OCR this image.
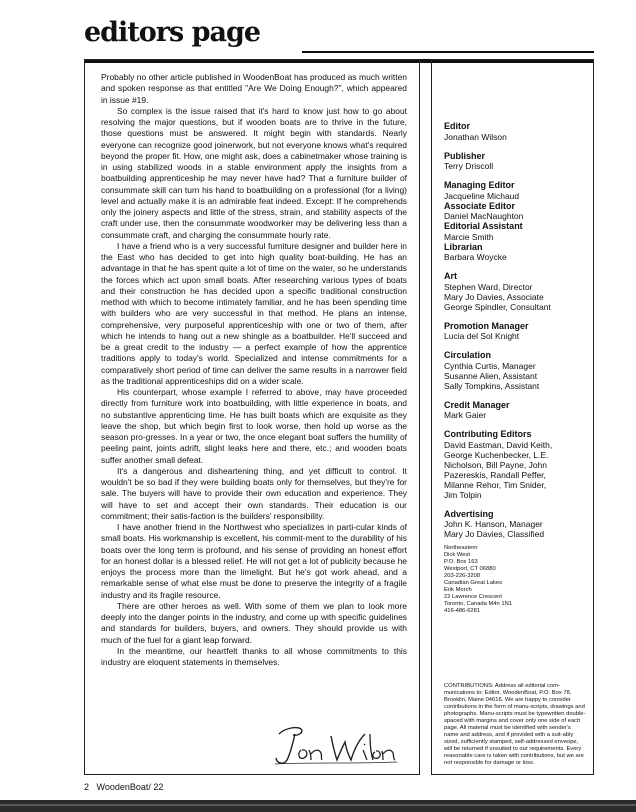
editors page

Probably no other article published in WoodenBoat has produced as much written and spoken response as that entitled "Are We Doing Enough?", which appeared in issue #19.

So complex is the issue raised that it's hard to know just how to go about resolving the major questions, but if wooden boats are to thrive in the future, those questions must be answered. It might begin with standards. Nearly everyone can recognize good joinerwork, but not everyone knows what's required beyond the proper fit. How, one might ask, does a cabinetmaker whose training is in using stabilized woods in a stable environment apply the insights from a boatbuilding apprenticeship he may never have had? That a furniture builder of consummate skill can turn his hand to boatbuilding on a professional (for a living) level and actually make it is an admirable feat indeed. Except: If he comprehends only the joinery aspects and little of the stress, strain, and stability aspects of the craft under use, then the consummate woodworker may be delivering less than a consummate craft, and charging the consummate hourly rate.

I have a friend who is a very successful furniture designer and builder here in the East who has decided to get into high quality boat-building. He has an advantage in that he has spent quite a lot of time on the water, so he understands the forces which act upon small boats. After researching various types of boats and their construction he has decided upon a specific traditional construction method with which to become intimately familiar, and he has been spending time with builders who are very successful in that method. He plans an intense, comprehensive, very purposeful apprenticeship with one or two of them, after which he intends to hang out a new shingle as a boatbuilder. He'll succeed and be a great credit to the industry — a perfect example of how the apprentice traditions apply to today's world. Specialized and intense commitments for a comparatively short period of time can deliver the same results in a narrower field as the traditional apprenticeships did on a wider scale.

His counterpart, whose example I referred to above, may have proceeded directly from furniture work into boatbuilding, with little experience in boats, and no substantive apprenticing time. He has built boats which are exquisite as they leave the shop, but which begin first to look worse, then hold up worse as the season pro-gresses. In a year or two, the once elegant boat suffers the humility of peeling paint, joints adrift, slight leaks here and there, etc.; and wooden boats suffer another small defeat.

It's a dangerous and disheartening thing, and yet difficult to control. It wouldn't be so bad if they were building boats only for themselves, but they're for sale. The buyers will have to provide their own education and experience. They will have to set and accept their own standards. Their education is our commitment; their satis-faction is the builders' responsibility.

I have another friend in the Northwest who specializes in parti-cular kinds of small boats. His workmanship is excellent, his commit-ment to the durability of his boats over the long term is profound, and his sense of providing an honest effort for an honest dollar is a blessed relief. He will not get a lot of publicity because he enjoys the process more than the limelight. But he's got work ahead, and a remarkable sense of what else must be done to preserve the integrity of a fragile industry and its fragile resource.

There are other heroes as well. With some of them we plan to look more deeply into the danger points in the industry, and come up with specific guidelines and standards for builders, buyers, and owners. They should provide us with much of the fuel for a giant leap forward.

In the meantime, our heartfelt thanks to all whose commitments to this industry are eloquent statements in themselves.

Editor
Jonathan Wilson
Publisher
Terry Driscoll
Managing Editor
Jacqueline Michaud
Associate Editor
Daniel MacNaughton
Editorial Assistant
Marcie Smith
Librarian
Barbara Woycke
Art
Stephen Ward, Director
Mary Jo Davies, Associate
George Spindler, Consultant
Promotion Manager
Lucia del Sol Knight
Circulation
Cynthia Curtis, Manager
Susanne Alien, Assistant
Sally Tompkins, Assistant
Credit Manager
Mark Gaier
Contributing Editors
David Eastman, David Keith,
George Kuchenbecker, L.E.
Nicholson, Bill Payne, John
Pazereskis, Randall Peffer,
Milanne Rehor, Tim Snider,
Jim Tolpin
Advertising
John K. Hanson, Manager
Mary Jo Davies, Classified
Northeastern
Dick West
P.O. Box 163
Westport, CT 06880
203-226-3208
Canadian Great Lakes
Erik Morch
22 Lawrence Crescent
Toronto, Canada M4n 1N1
416-486-6281
CONTRIBUTIONS: Address all editorial com-munications to: Editor, WoodenBoat, P.O. Box 78, Brooklin, Maine 04616. We are happy to consider contributions in the form of manu-scripts, drawings and photographs. Manu-scripts must be typewritten double-spaced with margins and cover only one side of each page. All material must be identified with sender's name and address, and if provided with a suit-ably sized, sufficiently stamped, self-addressed enveope, will be returned if unsuited to our requirements. Every reasonable care is taken with contributions, but we are not responsible for damage or loss.
2 WoodenBoat/ 22
